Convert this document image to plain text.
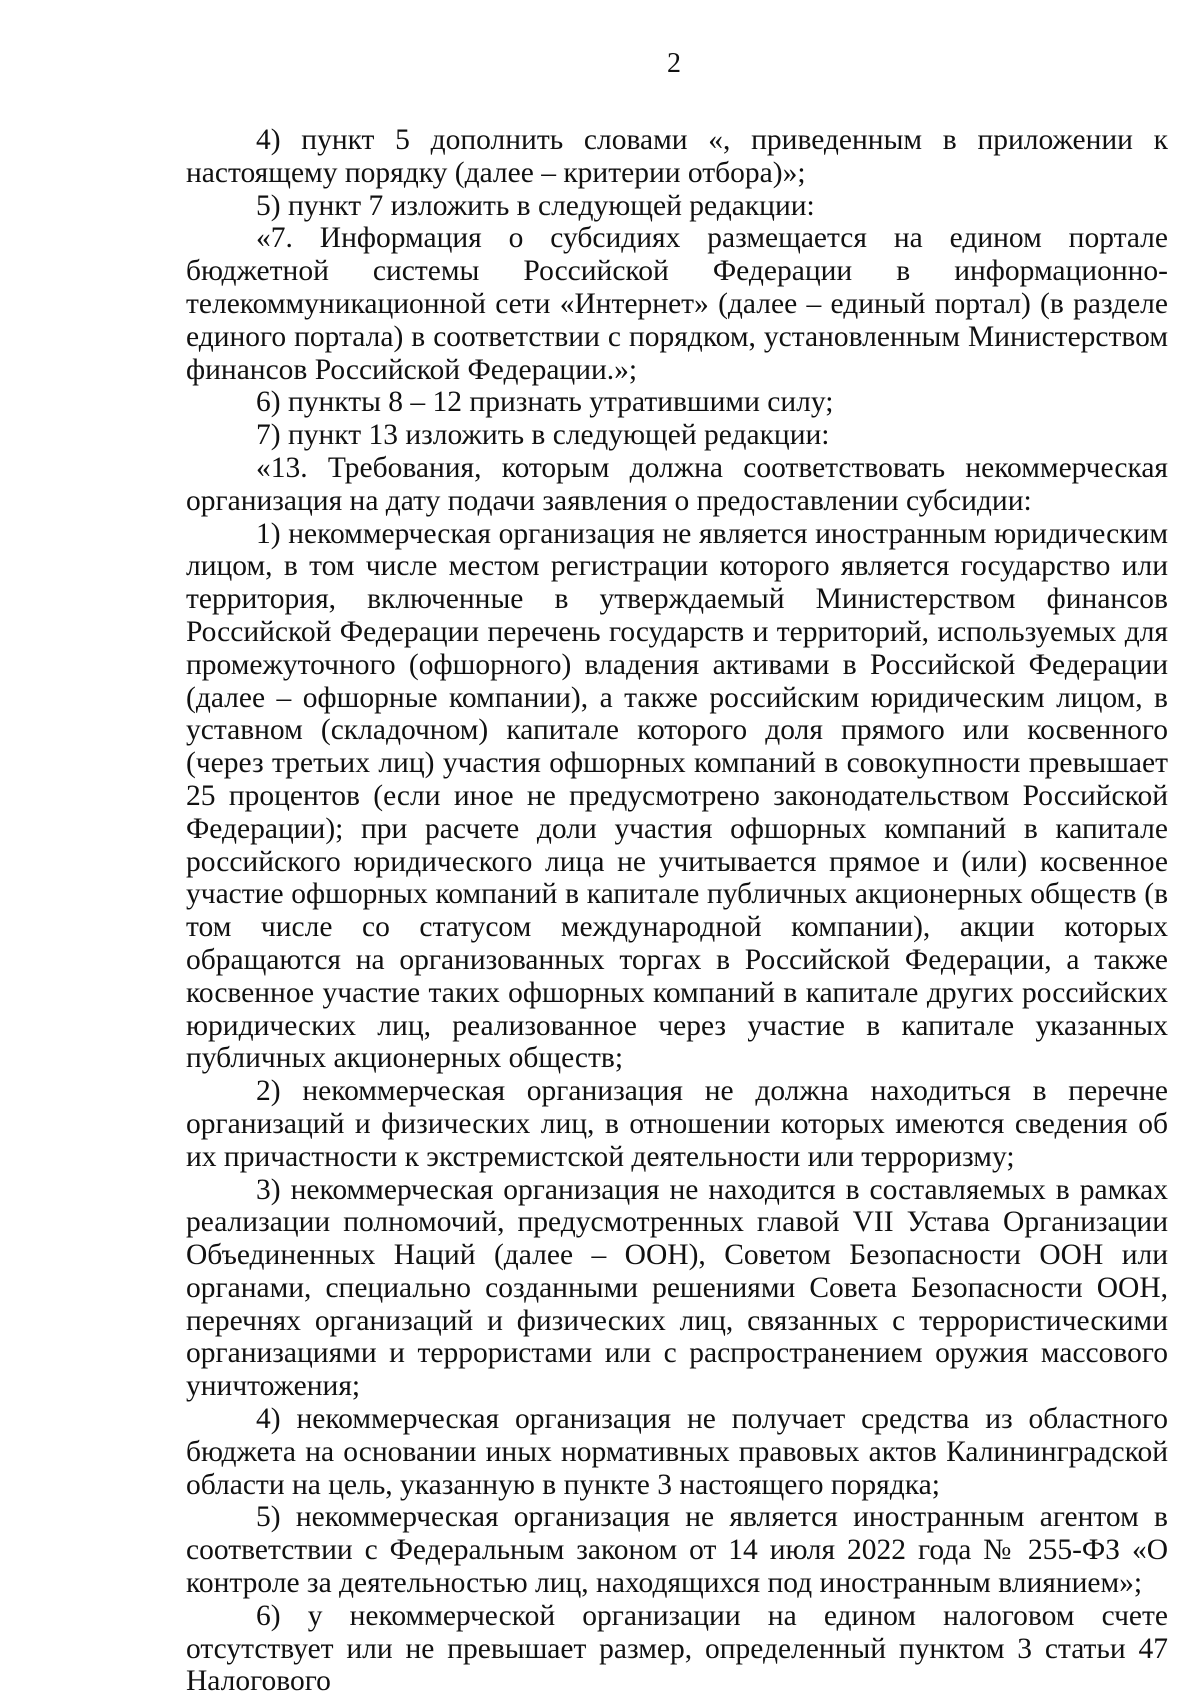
2

4) пункт 5 дополнить словами «, приведенным в приложении к настоящему порядку (далее – критерии отбора)»;

5) пункт 7 изложить в следующей редакции:

«7. Информация о субсидиях размещается на едином портале бюджетной системы Российской Федерации в информационно-телекоммуникационной сети «Интернет» (далее – единый портал) (в разделе единого портала) в соответствии с порядком, установленным Министерством финансов Российской Федерации.»;

6) пункты 8 – 12 признать утратившими силу;

7) пункт 13 изложить в следующей редакции:

«13. Требования, которым должна соответствовать некоммерческая организация на дату подачи заявления о предоставлении субсидии:

1) некоммерческая организация не является иностранным юридическим лицом, в том числе местом регистрации которого является государство или территория, включенные в утверждаемый Министерством финансов Российской Федерации перечень государств и территорий, используемых для промежуточного (офшорного) владения активами в Российской Федерации (далее – офшорные компании), а также российским юридическим лицом, в уставном (складочном) капитале которого доля прямого или косвенного (через третьих лиц) участия офшорных компаний в совокупности превышает 25 процентов (если иное не предусмотрено законодательством Российской Федерации); при расчете доли участия офшорных компаний в капитале российского юридического лица не учитывается прямое и (или) косвенное участие офшорных компаний в капитале публичных акционерных обществ (в том числе со статусом международной компании), акции которых обращаются на организованных торгах в Российской Федерации, а также косвенное участие таких офшорных компаний в капитале других российских юридических лиц, реализованное через участие в капитале указанных публичных акционерных обществ;

2) некоммерческая организация не должна находиться в перечне организаций и физических лиц, в отношении которых имеются сведения об их причастности к экстремистской деятельности или терроризму;

3) некоммерческая организация не находится в составляемых в рамках реализации полномочий, предусмотренных главой VII Устава Организации Объединенных Наций (далее – ООН), Советом Безопасности ООН или органами, специально созданными решениями Совета Безопасности ООН, перечнях организаций и физических лиц, связанных с террористическими организациями и террористами или с распространением оружия массового уничтожения;

4) некоммерческая организация не получает средства из областного бюджета на основании иных нормативных правовых актов Калининградской области на цель, указанную в пункте 3 настоящего порядка;

5) некоммерческая организация не является иностранным агентом в соответствии с Федеральным законом от 14 июля 2022 года № 255-ФЗ «О контроле за деятельностью лиц, находящихся под иностранным влиянием»;

6) у некоммерческой организации на едином налоговом счете отсутствует или не превышает размер, определенный пунктом 3 статьи 47 Налогового
